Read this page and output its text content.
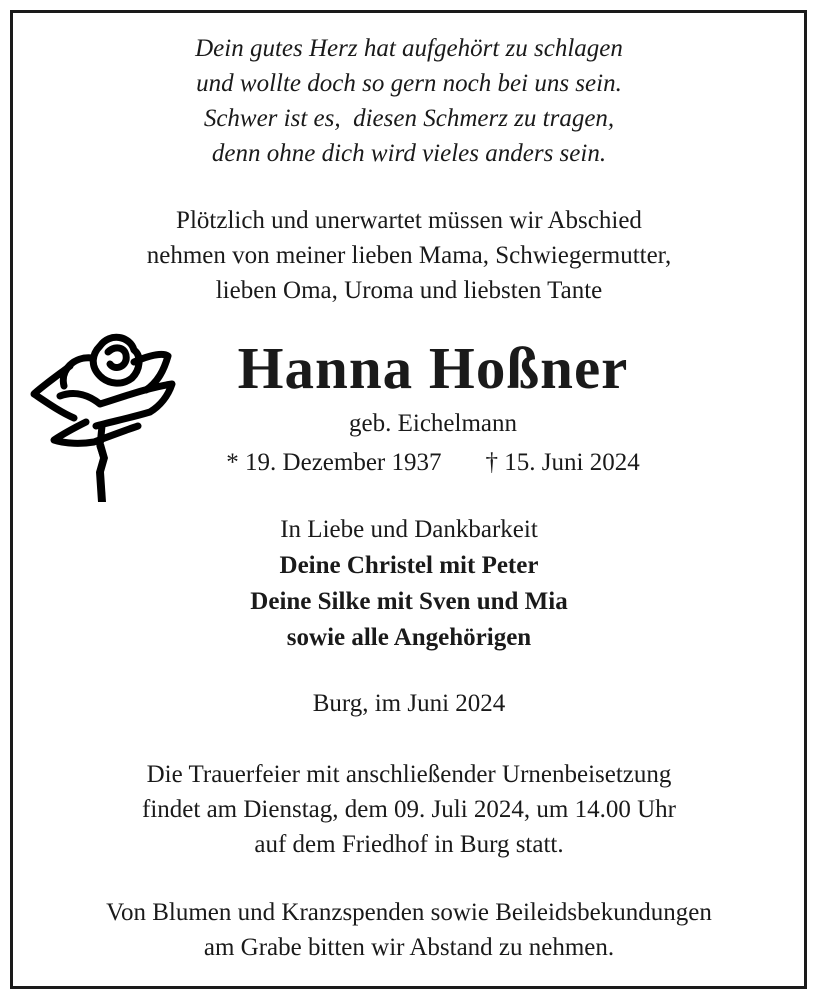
Dein gutes Herz hat aufgehört zu schlagen
und wollte doch so gern noch bei uns sein.
Schwer ist es,  diesen Schmerz zu tragen,
denn ohne dich wird vieles anders sein.

Plötzlich und unerwartet müssen wir Abschied
nehmen von meiner lieben Mama, Schwiegermutter,
lieben Oma, Uroma und liebsten Tante

Hanna Hoßner

geb. Eichelmann

* 19. Dezember 1937 † 15. Juni 2024

In Liebe und Dankbarkeit
Deine Christel mit Peter
Deine Silke mit Sven und Mia
sowie alle Angehörigen

Burg, im Juni 2024

Die Trauerfeier mit anschließender Urnenbeisetzung
findet am Dienstag, dem 09. Juli 2024, um 14.00 Uhr
auf dem Friedhof in Burg statt.

Von Blumen und Kranzspenden sowie Beileidsbekundungen
am Grabe bitten wir Abstand zu nehmen.
